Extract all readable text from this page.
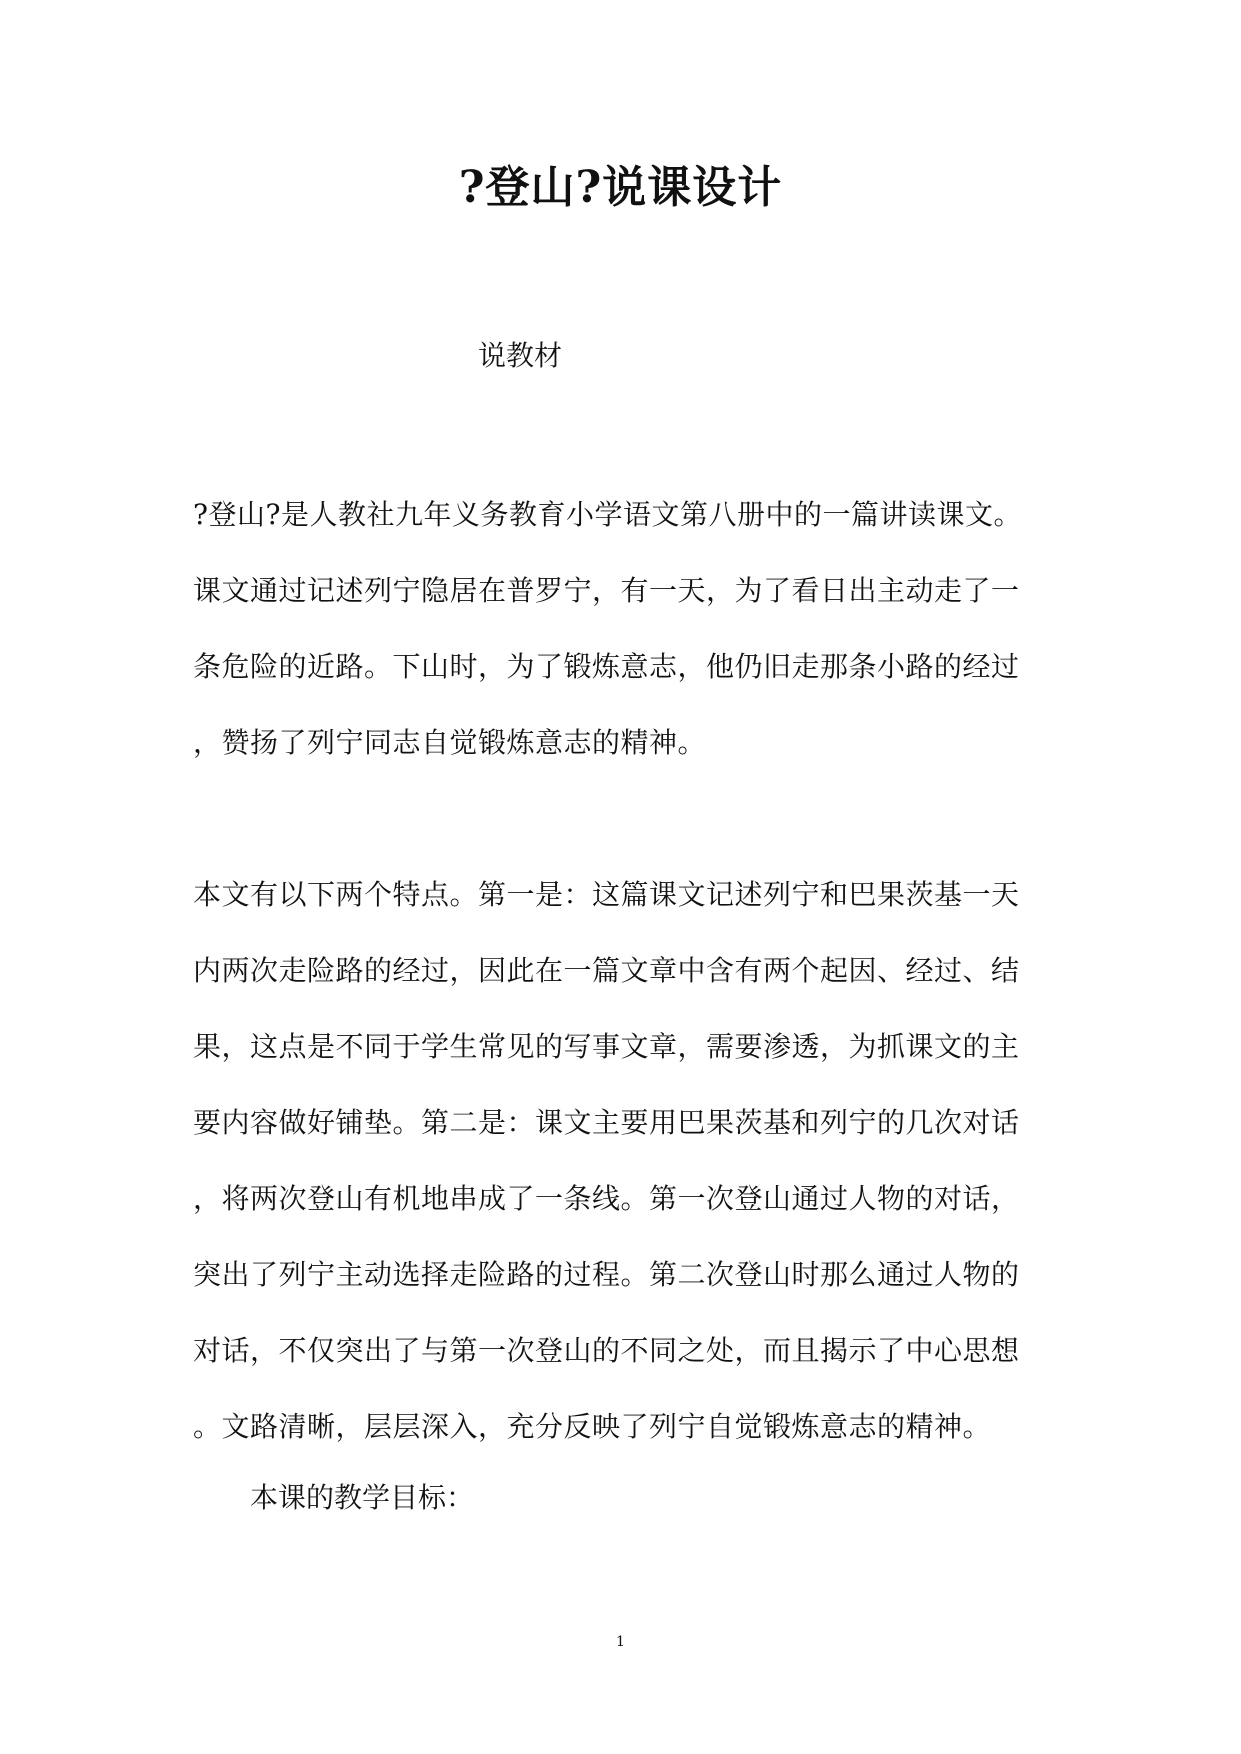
?登山?说课设计
说教材

?登山?是人教社九年义务教育小学语文第八册中的一篇讲读课文。
课文通过记述列宁隐居在普罗宁，有一天，为了看日出主动走了一
条危险的近路。下山时，为了锻炼意志，他仍旧走那条小路的经过
，赞扬了列宁同志自觉锻炼意志的精神。

本文有以下两个特点。第一是：这篇课文记述列宁和巴果茨基一天
内两次走险路的经过，因此在一篇文章中含有两个起因、经过、结
果，这点是不同于学生常见的写事文章，需要渗透，为抓课文的主
要内容做好铺垫。第二是：课文主要用巴果茨基和列宁的几次对话
，将两次登山有机地串成了一条线。第一次登山通过人物的对话，
突出了列宁主动选择走险路的过程。第二次登山时那么通过人物的
对话，不仅突出了与第一次登山的不同之处，而且揭示了中心思想
。文路清晰，层层深入，充分反映了列宁自觉锻炼意志的精神。

本课的教学目标：
1
